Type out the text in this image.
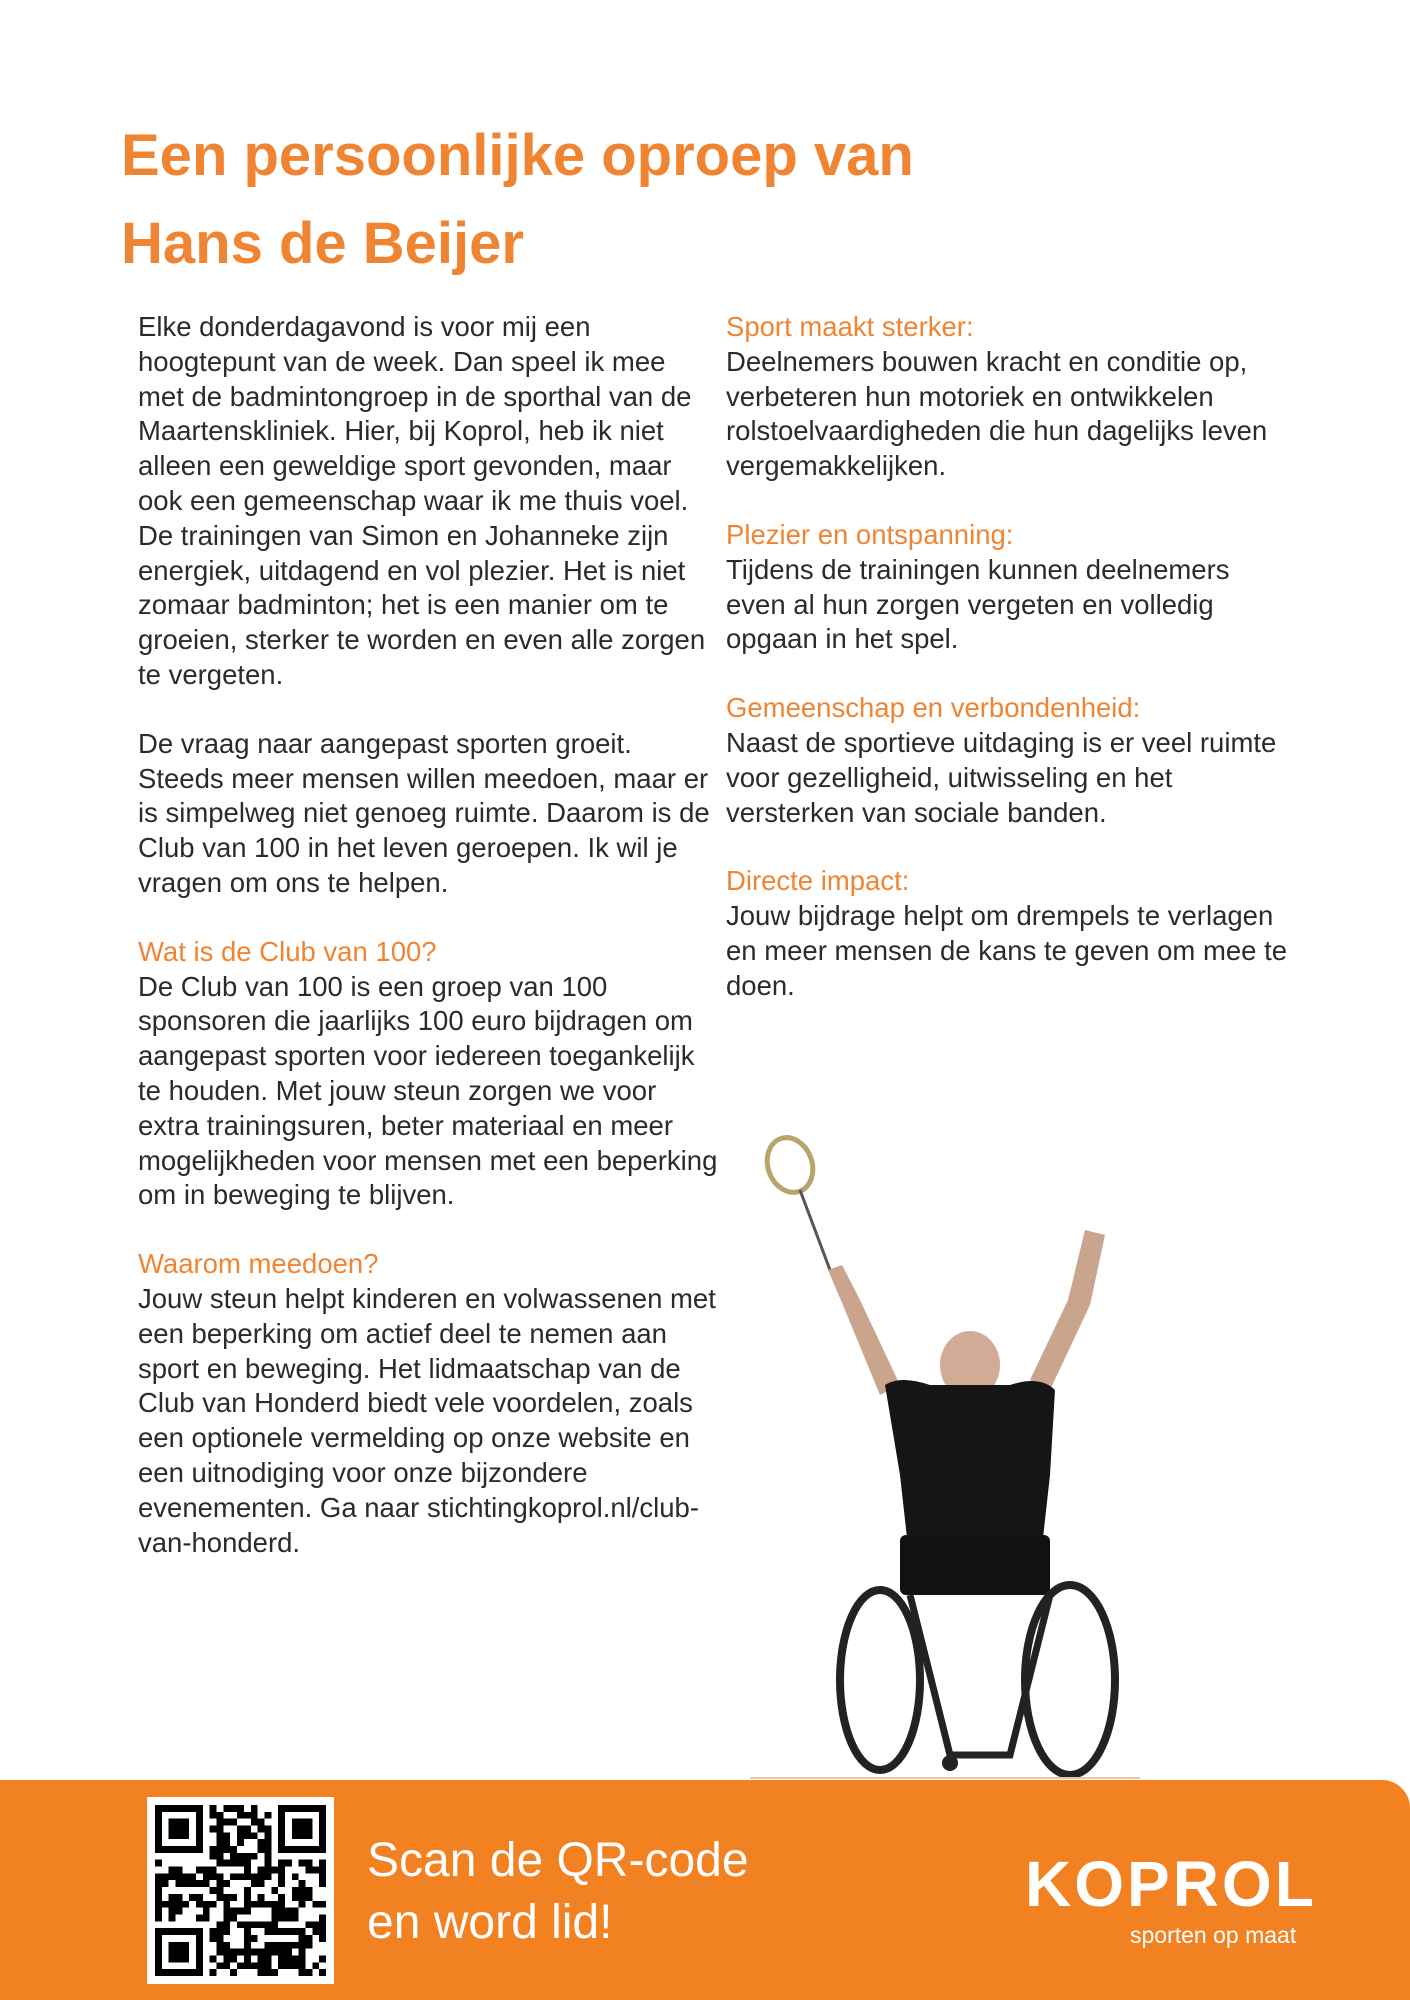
Een persoonlijke oproep van
Hans de Beijer

Elke donderdagavond is voor mij een hoogtepunt van de week. Dan speel ik mee met de badmintongroep in de sporthal van de Maartenskliniek. Hier, bij Koprol, heb ik niet alleen een geweldige sport gevonden, maar ook een gemeenschap waar ik me thuis voel. De trainingen van Simon en Johanneke zijn energiek, uitdagend en vol plezier. Het is niet zomaar badminton; het is een manier om te groeien, sterker te worden en even alle zorgen te vergeten.

De vraag naar aangepast sporten groeit. Steeds meer mensen willen meedoen, maar er is simpelweg niet genoeg ruimte. Daarom is de Club van 100 in het leven geroepen. Ik wil je vragen om ons te helpen.

Wat is de Club van 100?

De Club van 100 is een groep van 100 sponsoren die jaarlijks 100 euro bijdragen om aangepast sporten voor iedereen toegankelijk te houden. Met jouw steun zorgen we voor extra trainingsuren, beter materiaal en meer mogelijkheden voor mensen met een beperking om in beweging te blijven.

Waarom meedoen?

Jouw steun helpt kinderen en volwassenen met een beperking om actief deel te nemen aan sport en beweging. Het lidmaatschap van de Club van Honderd biedt vele voordelen, zoals een optionele vermelding op onze website en een uitnodiging voor onze bijzondere evenementen. Ga naar stichtingkoprol.nl/club-van-honderd.

Sport maakt sterker:

Deelnemers bouwen kracht en conditie op, verbeteren hun motoriek en ontwikkelen rolstoelvaardigheden die hun dagelijks leven vergemakkelijken.

Plezier en ontspanning:

Tijdens de trainingen kunnen deelnemers even al hun zorgen vergeten en volledig opgaan in het spel.

Gemeenschap en verbondenheid:

Naast de sportieve uitdaging is er veel ruimte voor gezelligheid, uitwisseling en het versterken van sociale banden.

Directe impact:

Jouw bijdrage helpt om drempels te verlagen en meer mensen de kans te geven om mee te doen.

Scan de QR-code
en word lid!
KOPROL
sporten op maat
